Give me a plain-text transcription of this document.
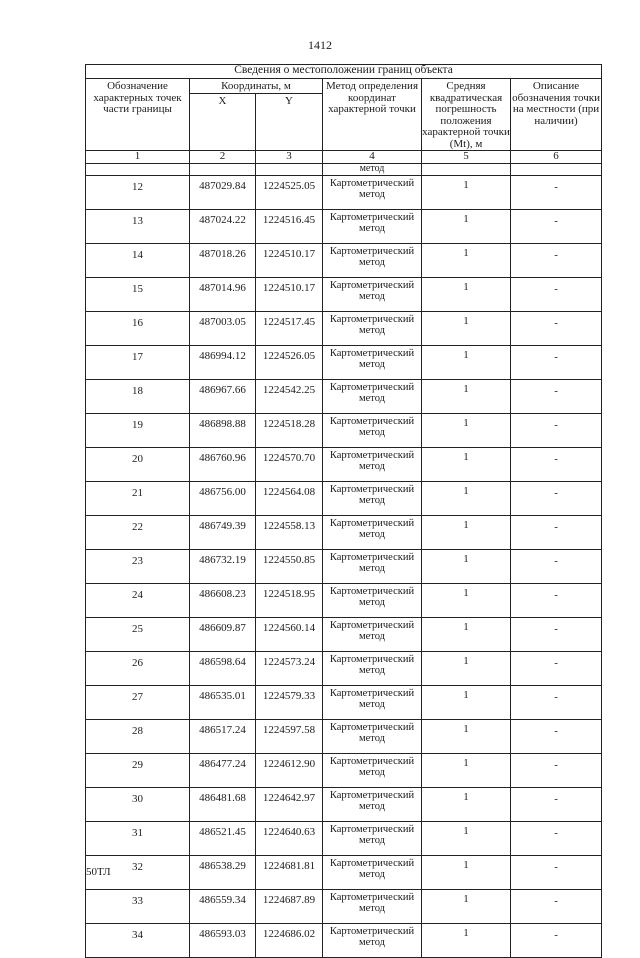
1412
Сведения о местоположении границ объекта					
Обозначение характерных точек части границы	Координаты, м		Метод определения координат характерной точки	Средняя квадратическая погрешность положения характерной точки (Mt), м	Описание обозначения точки на местности (при наличии)
	X	Y			
1	2	3	4	5	6
			метод		
12	487029.84	1224525.05	Картометрический метод	1	-
13	487024.22	1224516.45	Картометрический метод	1	-
14	487018.26	1224510.17	Картометрический метод	1	-
15	487014.96	1224510.17	Картометрический метод	1	-
16	487003.05	1224517.45	Картометрический метод	1	-
17	486994.12	1224526.05	Картометрический метод	1	-
18	486967.66	1224542.25	Картометрический метод	1	-
19	486898.88	1224518.28	Картометрический метод	1	-
20	486760.96	1224570.70	Картометрический метод	1	-
21	486756.00	1224564.08	Картометрический метод	1	-
22	486749.39	1224558.13	Картометрический метод	1	-
23	486732.19	1224550.85	Картометрический метод	1	-
24	486608.23	1224518.95	Картометрический метод	1	-
25	486609.87	1224560.14	Картометрический метод	1	-
26	486598.64	1224573.24	Картометрический метод	1	-
27	486535.01	1224579.33	Картометрический метод	1	-
28	486517.24	1224597.58	Картометрический метод	1	-
29	486477.24	1224612.90	Картометрический метод	1	-
30	486481.68	1224642.97	Картометрический метод	1	-
31	486521.45	1224640.63	Картометрический метод	1	-
32	486538.29	1224681.81	Картометрический метод	1	-
33	486559.34	1224687.89	Картометрический метод	1	-
34	486593.03	1224686.02	Картометрический метод	1	-
50ТЛ
